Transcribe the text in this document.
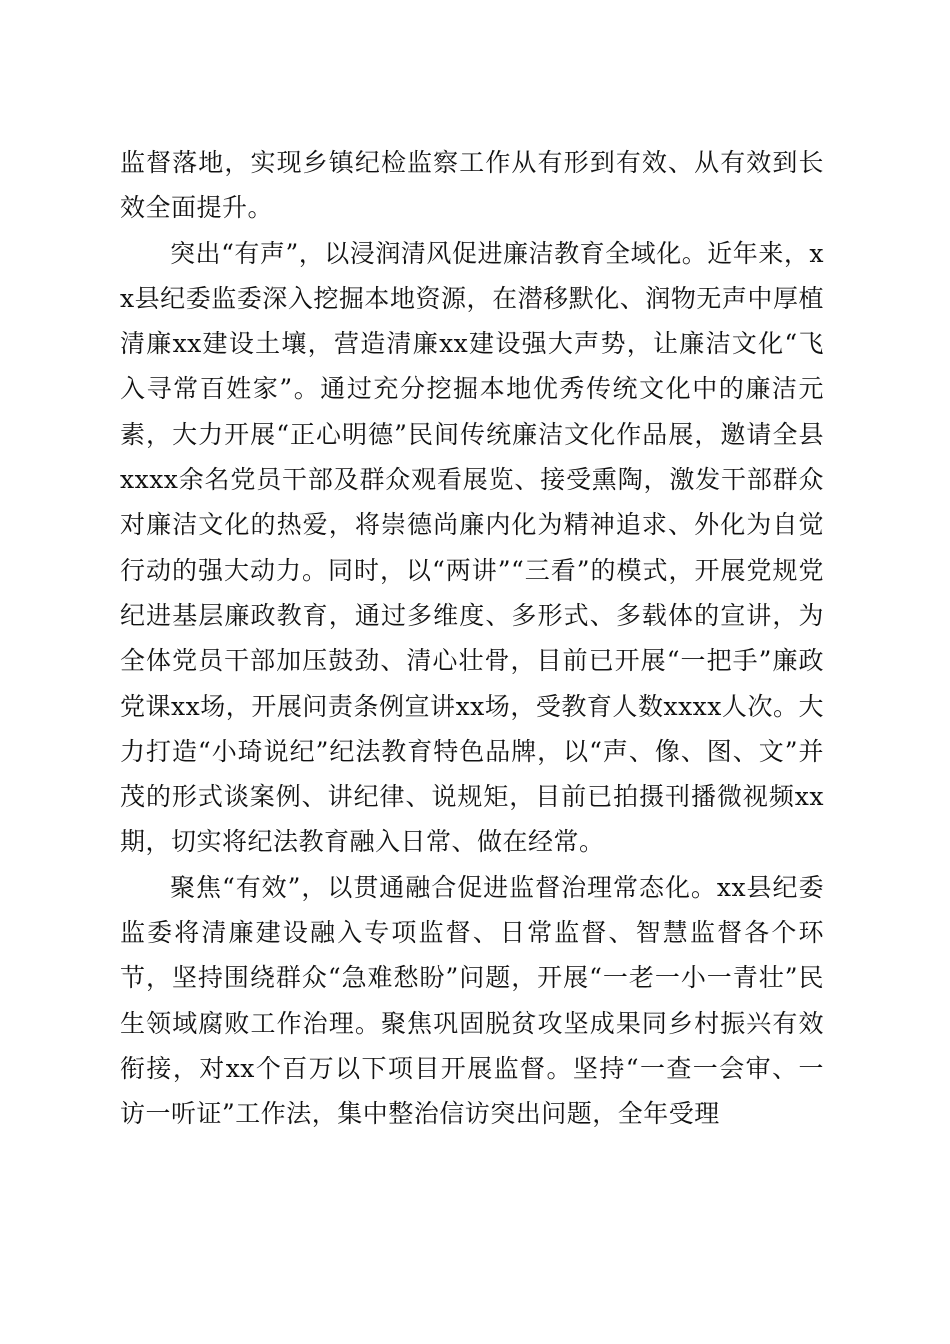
监督落地，实现乡镇纪检监察工作从有形到有效、从有效到长效全面提升。

突出“有声”，以浸润清风促进廉洁教育全域化。近年来，xx县纪委监委深入挖掘本地资源，在潜移默化、润物无声中厚植清廉xx建设土壤，营造清廉xx建设强大声势，让廉洁文化“飞入寻常百姓家”。通过充分挖掘本地优秀传统文化中的廉洁元素，大力开展“正心明德”民间传统廉洁文化作品展，邀请全县xxxx余名党员干部及群众观看展览、接受熏陶，激发干部群众对廉洁文化的热爱，将崇德尚廉内化为精神追求、外化为自觉行动的强大动力。同时，以“两讲”“三看”的模式，开展党规党纪进基层廉政教育，通过多维度、多形式、多载体的宣讲，为全体党员干部加压鼓劲、清心壮骨，目前已开展“一把手”廉政党课xx场，开展问责条例宣讲xx场，受教育人数xxxx人次。大力打造“小琦说纪”纪法教育特色品牌，以“声、像、图、文”并茂的形式谈案例、讲纪律、说规矩，目前已拍摄刊播微视频xx期，切实将纪法教育融入日常、做在经常。

聚焦“有效”，以贯通融合促进监督治理常态化。xx县纪委监委将清廉建设融入专项监督、日常监督、智慧监督各个环节，坚持围绕群众“急难愁盼”问题，开展“一老一小一青壮”民生领域腐败工作治理。聚焦巩固脱贫攻坚成果同乡村振兴有效衔接，对xx个百万以下项目开展监督。坚持“一查一会审、一访一听证”工作法，集中整治信访突出问题，全年受理
